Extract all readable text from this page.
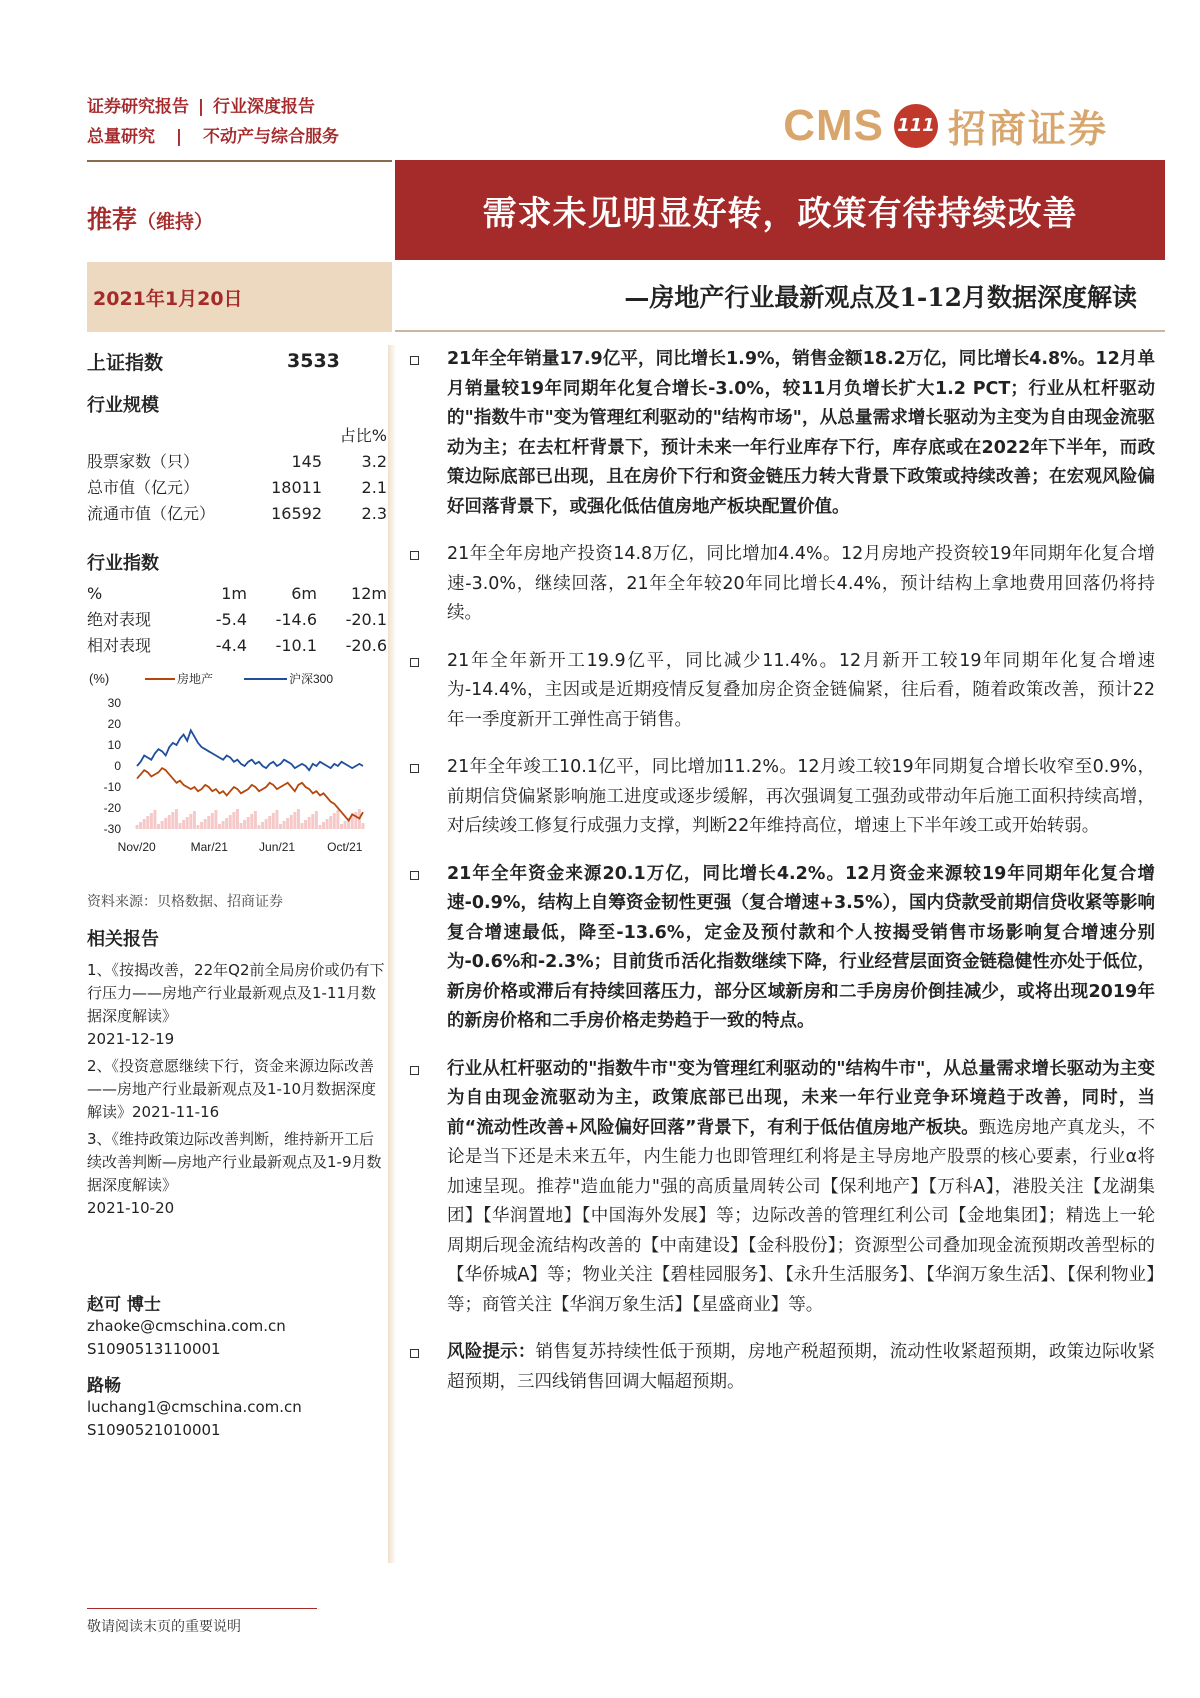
证券研究报告 | 行业深度报告
总量研究 | 不动产与综合服务	CMS 111 招商证券
推荐（维持）	需求未见明显好转，政策有待持续改善
2021年1月20日	—房地产行业最新观点及1-12月数据深度解读
上证指数	3533
行业规模
占比%
股票家数（只）	145	3.2
总市值（亿元）	18011	2.1
流通市值（亿元）	16592	2.3
行业指数
%	1m	6m	12m
绝对表现	-5.4	-14.6	-20.1
相对表现	-4.4	-10.1	-20.6
(%)	房地产	沪深300
30
20
10
0
-10
-20
-30
Nov/20	Mar/21	Jun/21	Oct/21
资料来源：贝格数据、招商证券
相关报告
1、《按揭改善，22年Q2前全局房价或仍有下行压力——房地产行业最新观点及1-11月数据深度解读》
2021-12-19
2、《投资意愿继续下行，资金来源边际改善——房地产行业最新观点及1-10月数据深度解读》2021-11-16
3、《维持政策边际改善判断，维持新开工后续改善判断—房地产行业最新观点及1-9月数据深度解读》
2021-10-20
赵可 博士
zhaoke@cmschina.com.cn
S1090513110001
路畅
luchang1@cmschina.com.cn
S1090521010001
21年全年销量17.9亿平，同比增长1.9%，销售金额18.2万亿，同比增长4.8%。12月单月销量较19年同期年化复合增长-3.0%，较11月负增长扩大1.2 PCT；行业从杠杆驱动的"指数牛市"变为管理红利驱动的"结构市场"，从总量需求增长驱动为主变为自由现金流驱动为主；在去杠杆背景下，预计未来一年行业库存下行，库存底或在2022年下半年，而政策边际底部已出现，且在房价下行和资金链压力转大背景下政策或持续改善；在宏观风险偏好回落背景下，或强化低估值房地产板块配置价值。
21年全年房地产投资14.8万亿，同比增加4.4%。12月房地产投资较19年同期年化复合增速-3.0%，继续回落，21年全年较20年同比增长4.4%，预计结构上拿地费用回落仍将持续。
21年全年新开工19.9亿平，同比减少11.4%。12月新开工较19年同期年化复合增速为-14.4%，主因或是近期疫情反复叠加房企资金链偏紧，往后看，随着政策改善，预计22年一季度新开工弹性高于销售。
21年全年竣工10.1亿平，同比增加11.2%。12月竣工较19年同期复合增长收窄至0.9%，前期信贷偏紧影响施工进度或逐步缓解，再次强调复工强劲或带动年后施工面积持续高增，对后续竣工修复行成强力支撑，判断22年维持高位，增速上下半年竣工或开始转弱。
21年全年资金来源20.1万亿，同比增长4.2%。12月资金来源较19年同期年化复合增速-0.9%，结构上自筹资金韧性更强（复合增速+3.5%），国内贷款受前期信贷收紧等影响复合增速最低，降至-13.6%，定金及预付款和个人按揭受销售市场影响复合增速分别为-0.6%和-2.3%；目前货币活化指数继续下降，行业经营层面资金链稳健性亦处于低位，新房价格或滞后有持续回落压力，部分区域新房和二手房房价倒挂减少，或将出现2019年的新房价格和二手房价格走势趋于一致的特点。
行业从杠杆驱动的"指数牛市"变为管理红利驱动的"结构牛市"，从总量需求增长驱动为主变为自由现金流驱动为主，政策底部已出现，未来一年行业竞争环境趋于改善，同时，当前“流动性改善+风险偏好回落”背景下，有利于低估值房地产板块。甄选房地产真龙头，不论是当下还是未来五年，内生能力也即管理红利将是主导房地产股票的核心要素，行业α将加速呈现。推荐"造血能力"强的高质量周转公司【保利地产】【万科A】，港股关注【龙湖集团】【华润置地】【中国海外发展】等；边际改善的管理红利公司【金地集团】；精选上一轮周期后现金流结构改善的【中南建设】【金科股份】；资源型公司叠加现金流预期改善型标的【华侨城A】等；物业关注【碧桂园服务】、【永升生活服务】、【华润万象生活】、【保利物业】等；商管关注【华润万象生活】【星盛商业】等。
风险提示：销售复苏持续性低于预期，房地产税超预期，流动性收紧超预期，政策边际收紧超预期，三四线销售回调大幅超预期。
敬请阅读末页的重要说明
